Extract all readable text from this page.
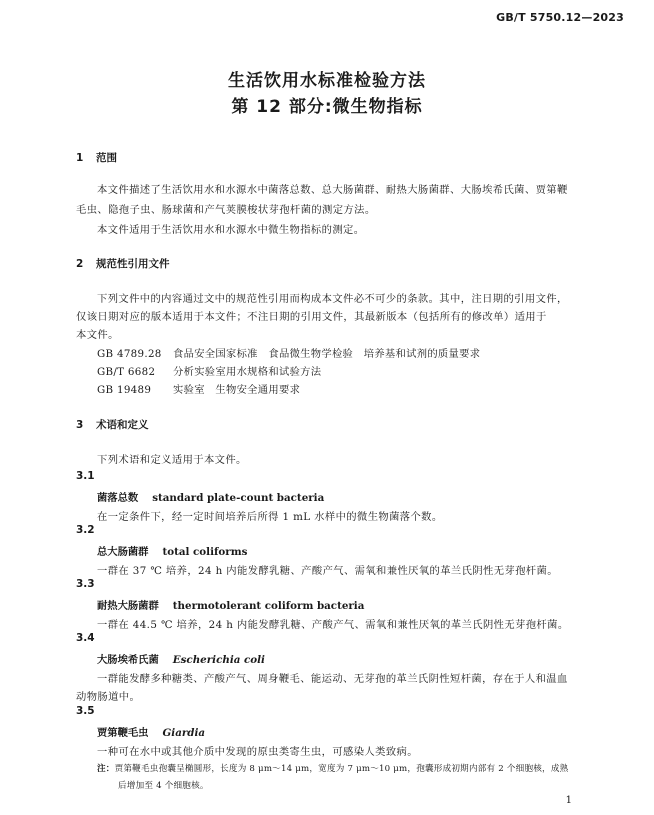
GB/T 5750.12—2023
生活饮用水标准检验方法
第 12 部分:微生物指标
1 范围
本文件描述了生活饮用水和水源水中菌落总数、总大肠菌群、耐热大肠菌群、大肠埃希氏菌、贾第鞭
毛虫、隐孢子虫、肠球菌和产气荚膜梭状芽孢杆菌的测定方法。
本文件适用于生活饮用水和水源水中微生物指标的测定。
2 规范性引用文件
下列文件中的内容通过文中的规范性引用而构成本文件必不可少的条款。其中，注日期的引用文件，
仅该日期对应的版本适用于本文件；不注日期的引用文件，其最新版本（包括所有的修改单）适用于
本文件。
GB 4789.28 食品安全国家标准　食品微生物学检验　培养基和试剂的质量要求
GB/T 6682 分析实验室用水规格和试验方法
GB 19489 实验室　生物安全通用要求
3 术语和定义
下列术语和定义适用于本文件。
3.1
菌落总数 standard plate-count bacteria
在一定条件下，经一定时间培养后所得 1 mL 水样中的微生物菌落个数。
3.2
总大肠菌群 total coliforms
一群在 37 ℃ 培养，24 h 内能发酵乳糖、产酸产气、需氧和兼性厌氧的革兰氏阴性无芽孢杆菌。
3.3
耐热大肠菌群 thermotolerant coliform bacteria
一群在 44.5 ℃ 培养，24 h 内能发酵乳糖、产酸产气、需氧和兼性厌氧的革兰氏阴性无芽孢杆菌。
3.4
大肠埃希氏菌 Escherichia coli
一群能发酵多种糖类、产酸产气、周身鞭毛、能运动、无芽孢的革兰氏阴性短杆菌，存在于人和温血
动物肠道中。
3.5
贾第鞭毛虫 Giardia
一种可在水中或其他介质中发现的原虫类寄生虫，可感染人类致病。
注：贾第鞭毛虫孢囊呈椭圆形，长度为 8 μm～14 μm，宽度为 7 μm～10 μm，孢囊形成初期内部有 2 个细胞核，成熟
后增加至 4 个细胞核。
1
